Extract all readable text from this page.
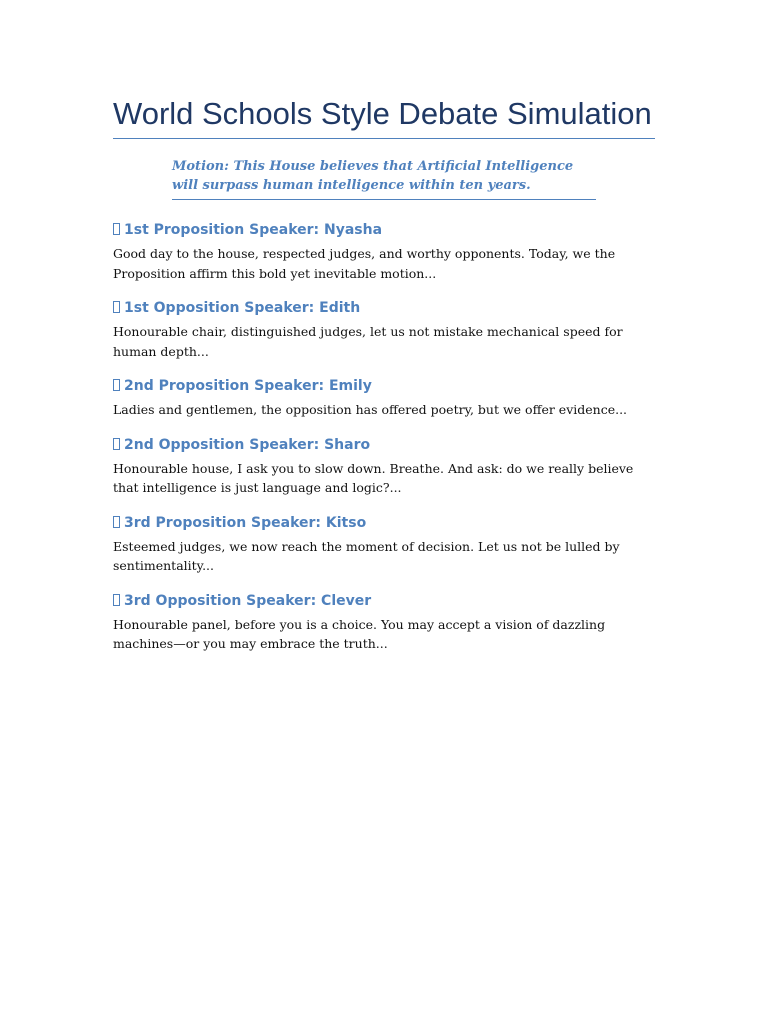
World Schools Style Debate Simulation
Motion: This House believes that Artificial Intelligence will surpass human intelligence within ten years.
1st Proposition Speaker: Nyasha

Good day to the house, respected judges, and worthy opponents. Today, we the Proposition affirm this bold yet inevitable motion...

1st Opposition Speaker: Edith

Honourable chair, distinguished judges, let us not mistake mechanical speed for human depth...

2nd Proposition Speaker: Emily

Ladies and gentlemen, the opposition has offered poetry, but we offer evidence...

2nd Opposition Speaker: Sharo

Honourable house, I ask you to slow down. Breathe. And ask: do we really believe that intelligence is just language and logic?...

3rd Proposition Speaker: Kitso

Esteemed judges, we now reach the moment of decision. Let us not be lulled by sentimentality...

3rd Opposition Speaker: Clever

Honourable panel, before you is a choice. You may accept a vision of dazzling machines—or you may embrace the truth...
